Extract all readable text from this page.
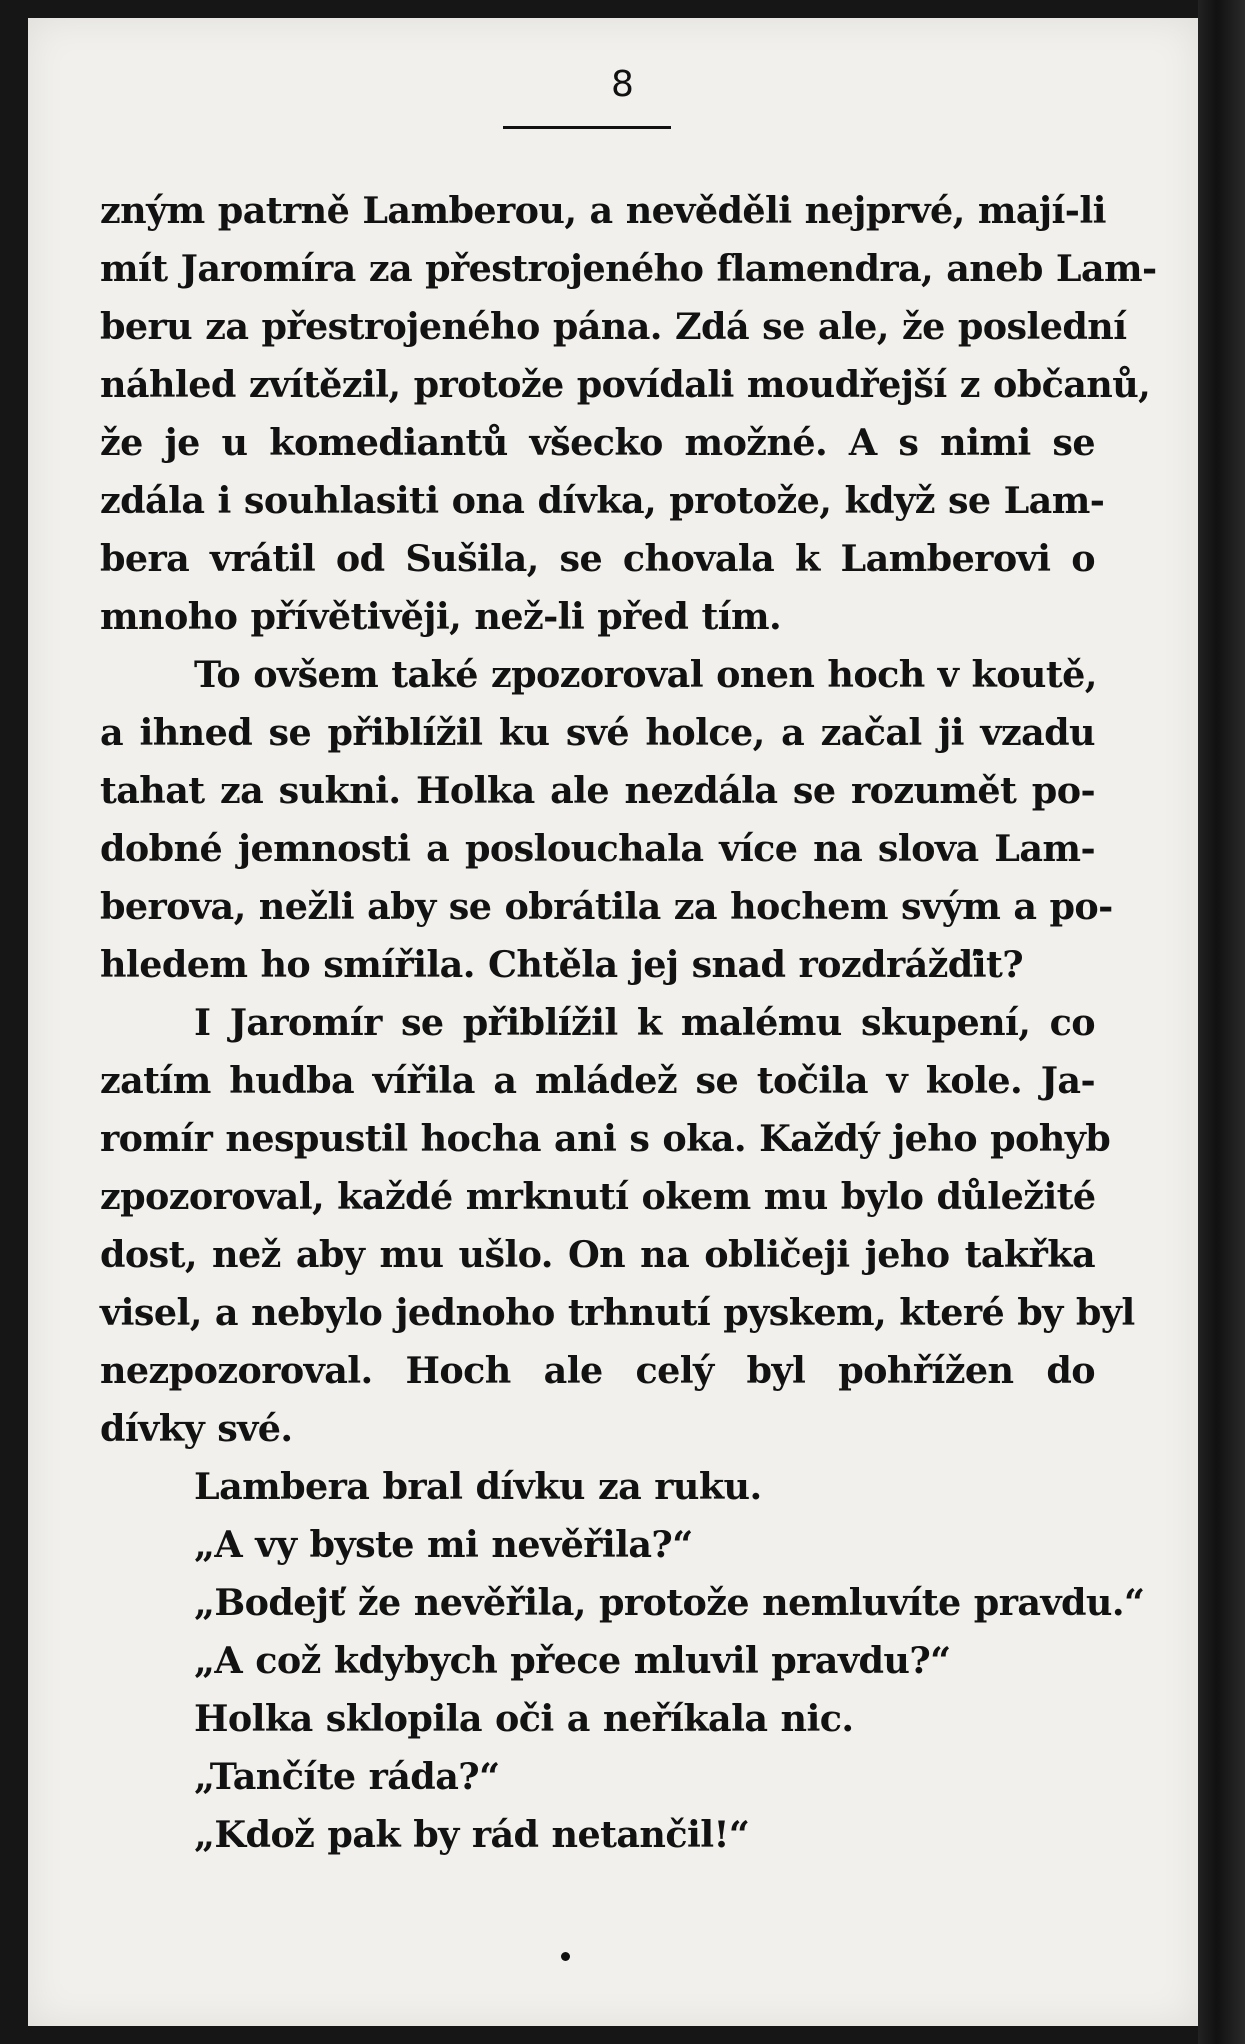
8
zným patrně Lamberou, a nevěděli nejprvé, mají-li
mít Jaromíra za přestrojeného flamendra, aneb Lam-
beru za přestrojeného pána. Zdá se ale, že poslední
náhled zvítězil, protože povídali moudřejší z občanů,
že je u komediantů všecko možné. A s nimi se
zdála i souhlasiti ona dívka, protože, když se Lam-
bera vrátil od Sušila, se chovala k Lamberovi o
mnoho přívětivěji, než-li před tím.
To ovšem také zpozoroval onen hoch v koutě,
a ihned se přiblížil ku své holce, a začal ji vzadu
tahat za sukni. Holka ale nezdála se rozumět po-
dobné jemnosti a poslouchala více na slova Lam-
berova, nežli aby se obrátila za hochem svým a po-
hledem ho smířila. Chtěla jej snad rozdrážďit?
I Jaromír se přiblížil k malému skupení, co
zatím hudba vířila a mládež se točila v kole. Ja-
romír nespustil hocha ani s oka. Každý jeho pohyb
zpozoroval, každé mrknutí okem mu bylo důležité
dost, než aby mu ušlo. On na obličeji jeho takřka
visel, a nebylo jednoho trhnutí pyskem, které by byl
nezpozoroval. Hoch ale celý byl pohřížen do
dívky své.
Lambera bral dívku za ruku.
„A vy byste mi nevěřila?“
„Bodejť že nevěřila, protože nemluvíte pravdu.“
„A což kdybych přece mluvil pravdu?“
Holka sklopila oči a neříkala nic.
„Tančíte ráda?“
„Kdož pak by rád netančil!“
